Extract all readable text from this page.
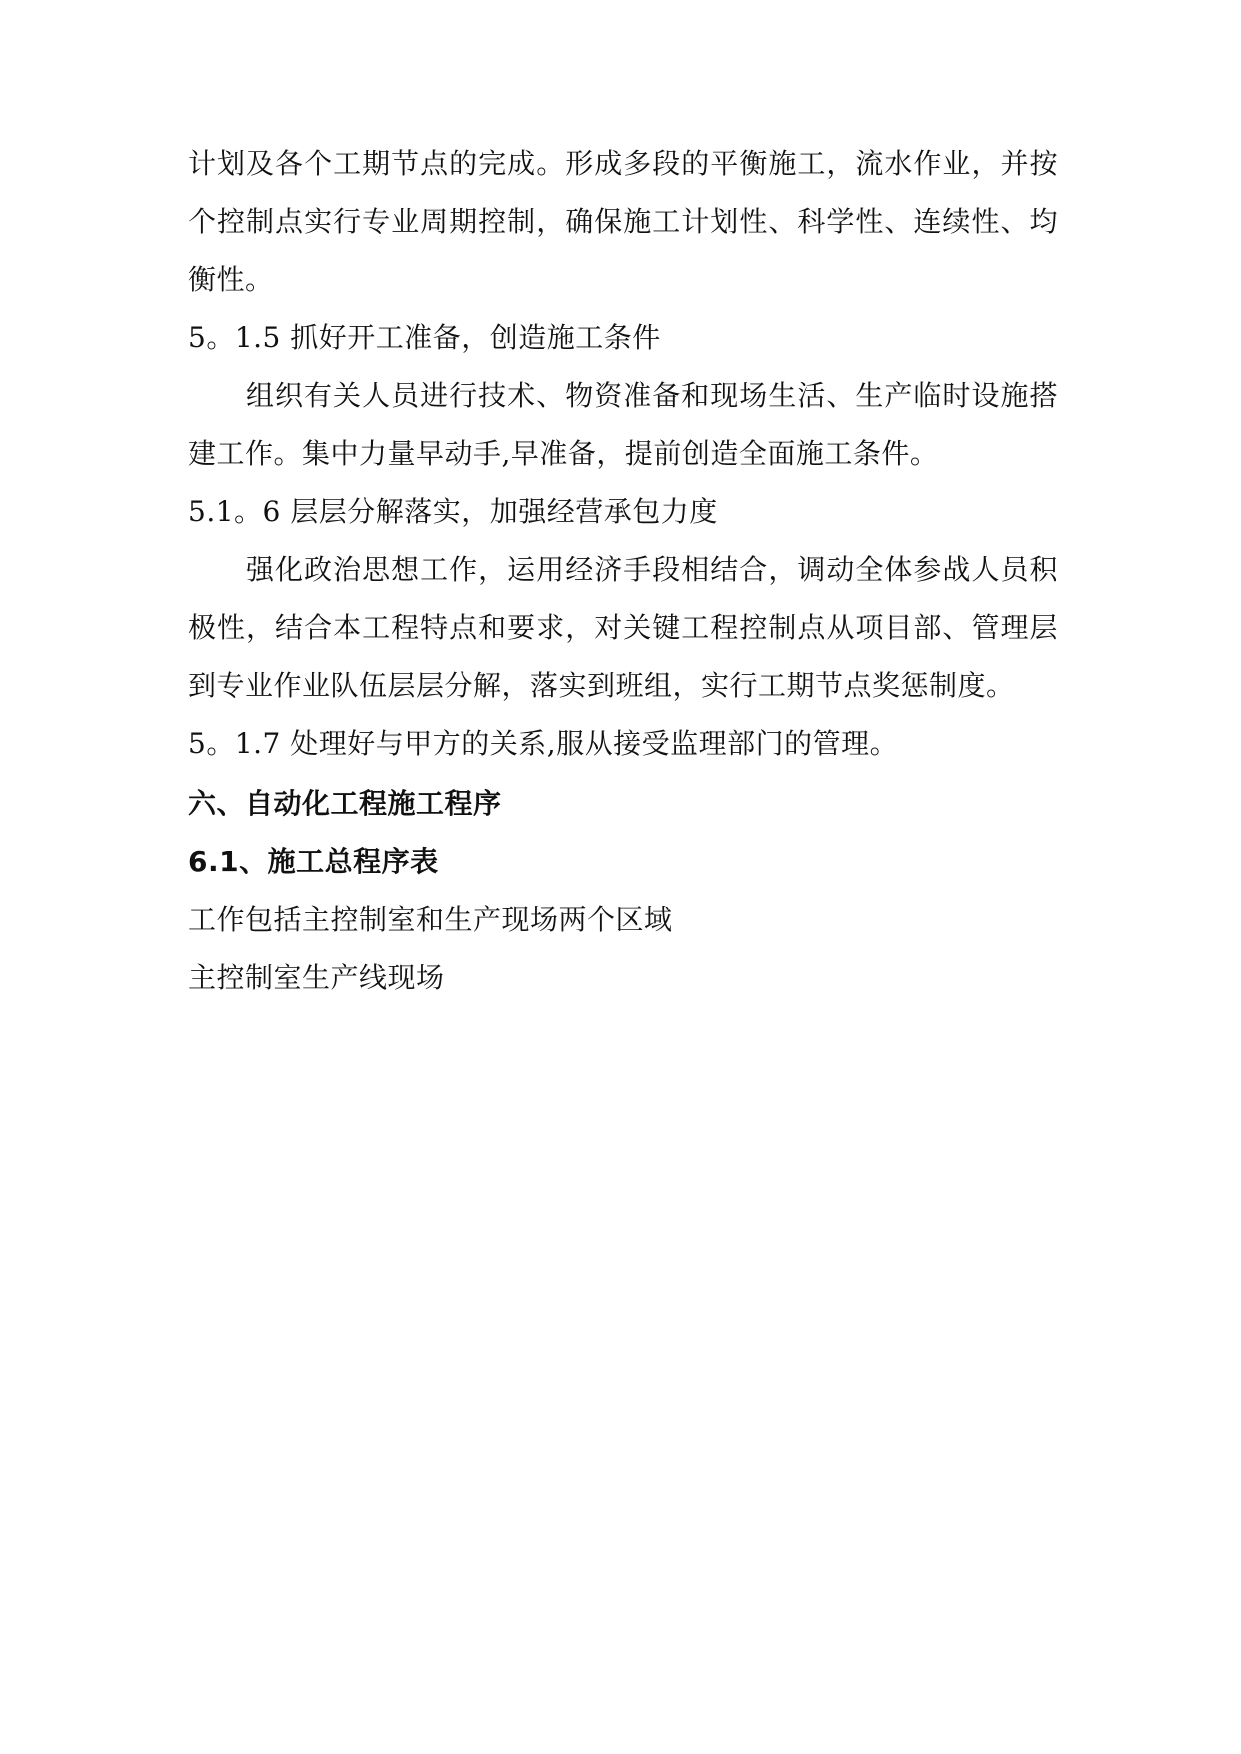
计划及各个工期节点的完成。形成多段的平衡施工，流水作业，并按
个控制点实行专业周期控制，确保施工计划性、科学性、连续性、均
衡性。
5。1.5 抓好开工准备，创造施工条件
组织有关人员进行技术、物资准备和现场生活、生产临时设施搭
建工作。集中力量早动手,早准备，提前创造全面施工条件。
5.1。6 层层分解落实，加强经营承包力度
强化政治思想工作，运用经济手段相结合，调动全体参战人员积
极性，结合本工程特点和要求，对关键工程控制点从项目部、管理层
到专业作业队伍层层分解，落实到班组，实行工期节点奖惩制度。
5。1.7 处理好与甲方的关系,服从接受监理部门的管理。
六、自动化工程施工程序
6.1、施工总程序表
工作包括主控制室和生产现场两个区域
主控制室生产线现场
